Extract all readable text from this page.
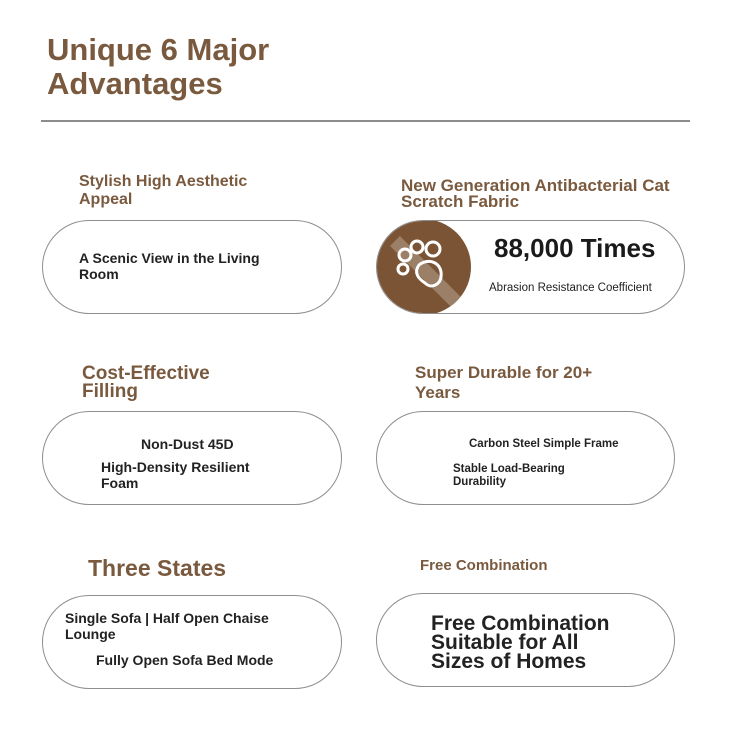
Unique 6 Major Advantages
Stylish High Aesthetic Appeal

A Scenic View in the Living Room

New Generation Antibacterial Cat Scratch Fabric

88,000 Times

Abrasion Resistance Coefficient

Cost-Effective Filling

Non-Dust 45D

High-Density Resilient Foam

Super Durable for 20+ Years

Carbon Steel Simple Frame

Stable Load-Bearing Durability

Three States

Single Sofa | Half Open Chaise Lounge

Fully Open Sofa Bed Mode

Free Combination

Free Combination Suitable for All Sizes of Homes
